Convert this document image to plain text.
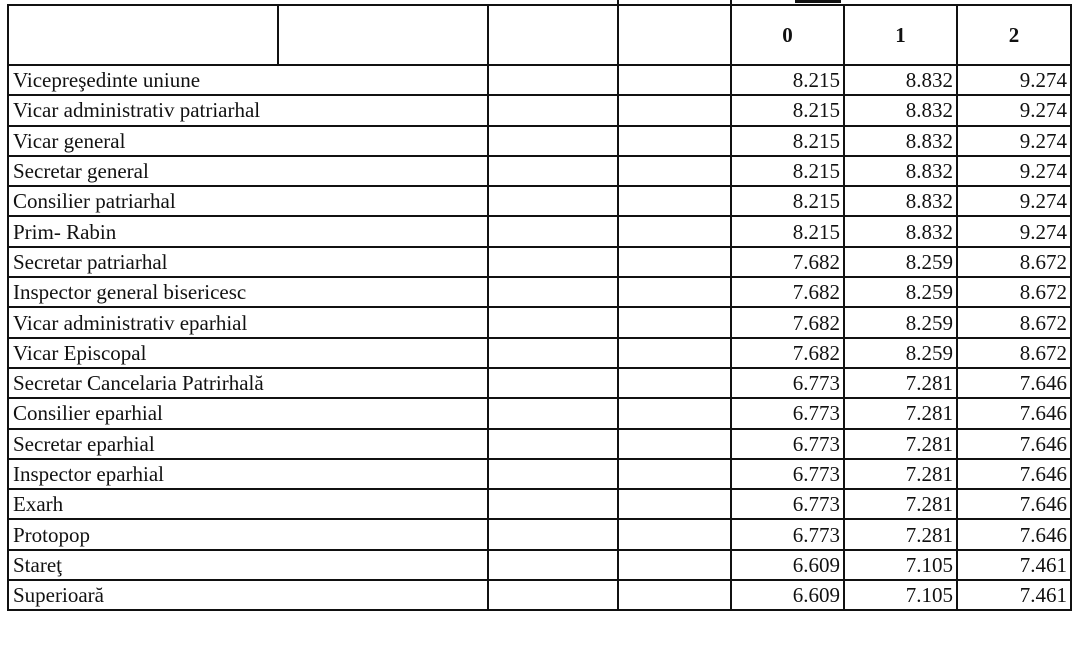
				0	1	2
Vicepreşedinte uniune				8.215	8.832	9.274
Vicar administrativ patriarhal				8.215	8.832	9.274
Vicar general				8.215	8.832	9.274
Secretar general				8.215	8.832	9.274
Consilier patriarhal				8.215	8.832	9.274
Prim- Rabin				8.215	8.832	9.274
Secretar patriarhal				7.682	8.259	8.672
Inspector general bisericesc				7.682	8.259	8.672
Vicar administrativ eparhial				7.682	8.259	8.672
Vicar Episcopal				7.682	8.259	8.672
Secretar Cancelaria Patrirhală				6.773	7.281	7.646
Consilier eparhial				6.773	7.281	7.646
Secretar eparhial				6.773	7.281	7.646
Inspector eparhial				6.773	7.281	7.646
Exarh				6.773	7.281	7.646
Protopop				6.773	7.281	7.646
Stareţ				6.609	7.105	7.461
Superioară				6.609	7.105	7.461
